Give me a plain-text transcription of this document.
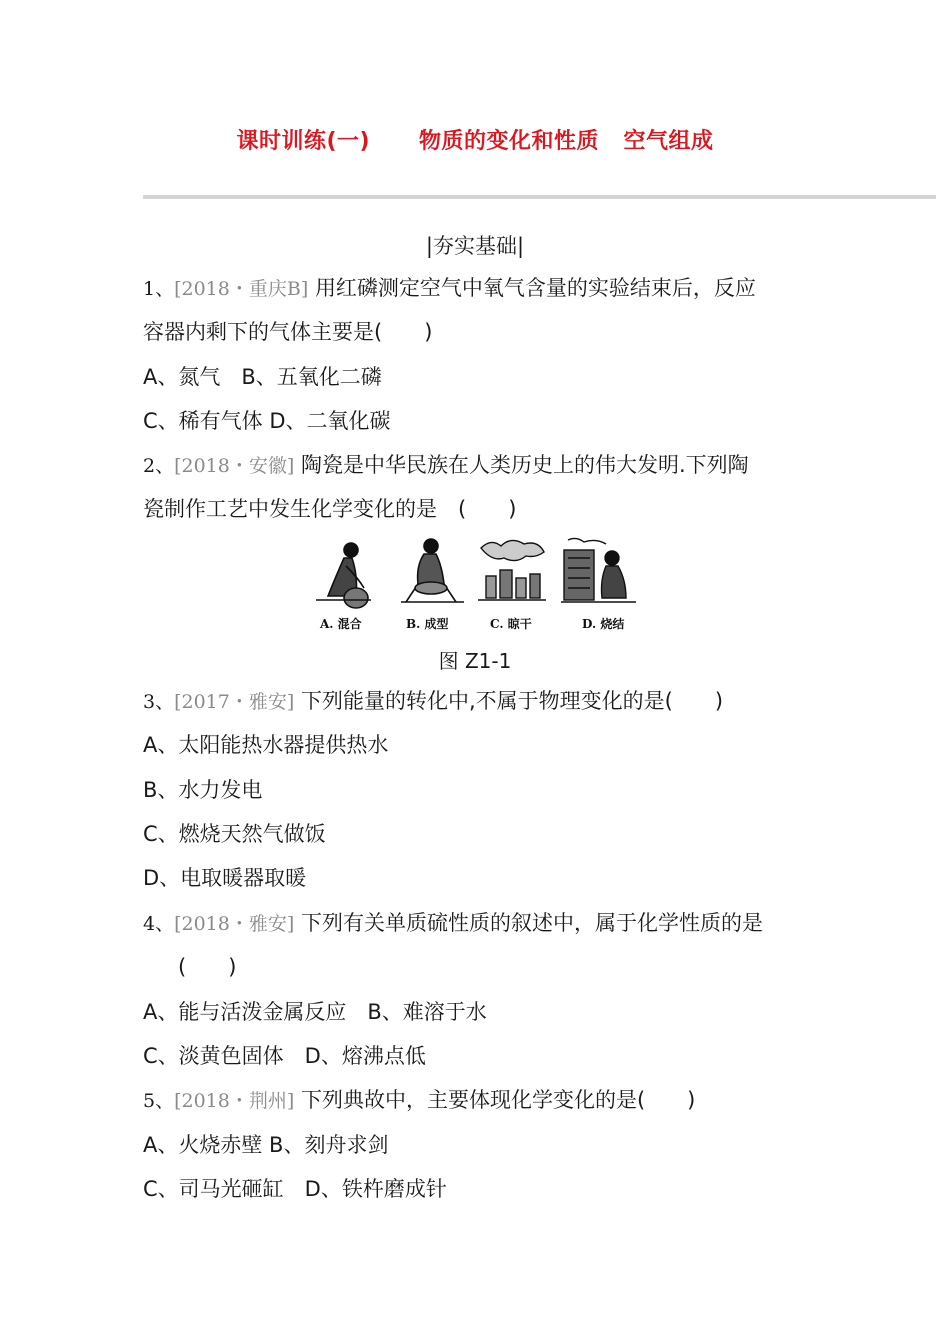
课时训练(一) 物质的变化和性质 空气组成
|夯实基础|
1、[2018・重庆B] 用红磷测定空气中氧气含量的实验结束后，反应
容器内剩下的气体主要是(　　)
A、氮气　B、五氧化二磷
C、稀有气体 D、二氧化碳
2、[2018・安徽] 陶瓷是中华民族在人类历史上的伟大发明.下列陶
瓷制作工艺中发生化学变化的是　(　　)
A. 混合	B. 成型	C. 晾干	D. 烧结
图 Z1-1
3、[2017・雅安] 下列能量的转化中,不属于物理变化的是(　　)
A、太阳能热水器提供热水
B、水力发电
C、燃烧天然气做饭
D、电取暖器取暖
4、[2018・雅安] 下列有关单质硫性质的叙述中，属于化学性质的是
(　　)
A、能与活泼金属反应　B、难溶于水
C、淡黄色固体　D、熔沸点低
5、[2018・荆州] 下列典故中，主要体现化学变化的是(　　)
A、火烧赤壁 B、刻舟求剑
C、司马光砸缸　D、铁杵磨成针
